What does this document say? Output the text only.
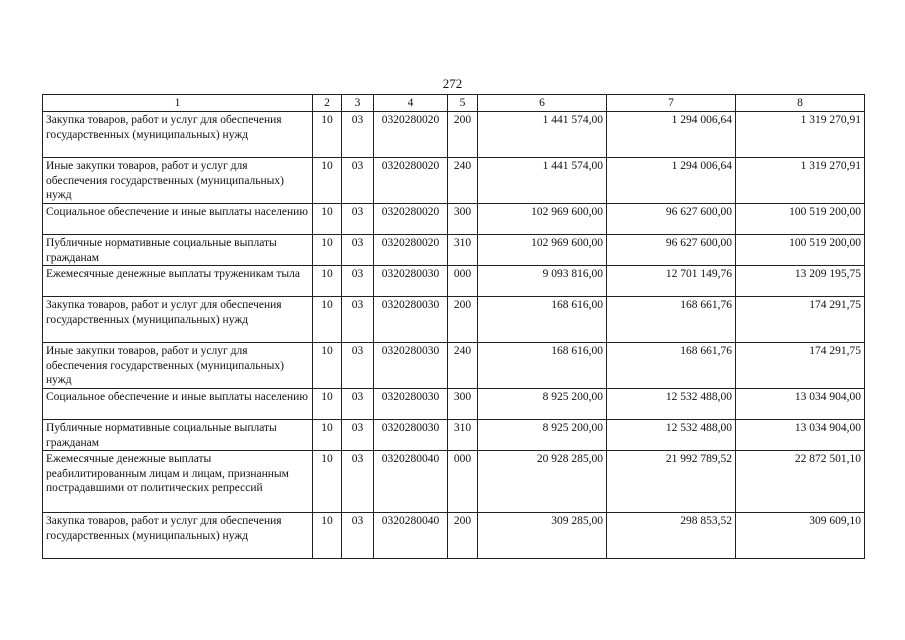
272
1	2	3	4	5	6	7	8
Закупка товаров, работ и услуг для обеспечения государственных (муниципальных) нужд	10	03	0320280020	200	1 441 574,00	1 294 006,64	1 319 270,91
Иные закупки товаров, работ и услуг для обеспечения государственных (муниципальных) нужд	10	03	0320280020	240	1 441 574,00	1 294 006,64	1 319 270,91
Социальное обеспечение и иные выплаты населению	10	03	0320280020	300	102 969 600,00	96 627 600,00	100 519 200,00
Публичные нормативные социальные выплаты гражданам	10	03	0320280020	310	102 969 600,00	96 627 600,00	100 519 200,00
Ежемесячные денежные выплаты труженикам тыла	10	03	0320280030	000	9 093 816,00	12 701 149,76	13 209 195,75
Закупка товаров, работ и услуг для обеспечения государственных (муниципальных) нужд	10	03	0320280030	200	168 616,00	168 661,76	174 291,75
Иные закупки товаров, работ и услуг для обеспечения государственных (муниципальных) нужд	10	03	0320280030	240	168 616,00	168 661,76	174 291,75
Социальное обеспечение и иные выплаты населению	10	03	0320280030	300	8 925 200,00	12 532 488,00	13 034 904,00
Публичные нормативные социальные выплаты гражданам	10	03	0320280030	310	8 925 200,00	12 532 488,00	13 034 904,00
Ежемесячные денежные выплаты реабилитированным лицам и лицам, признанным пострадавшими от политических репрессий	10	03	0320280040	000	20 928 285,00	21 992 789,52	22 872 501,10
Закупка товаров, работ и услуг для обеспечения государственных (муниципальных) нужд	10	03	0320280040	200	309 285,00	298 853,52	309 609,10
